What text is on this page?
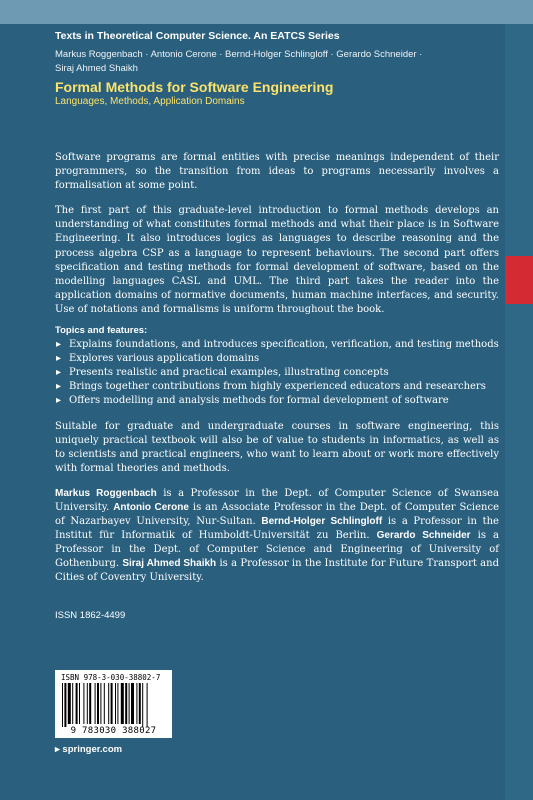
Texts in Theoretical Computer Science. An EATCS Series
Markus Roggenbach · Antonio Cerone · Bernd-Holger Schlingloff · Gerardo Schneider ·
Siraj Ahmed Shaikh
Formal Methods for Software Engineering
Languages, Methods, Application Domains

Software programs are formal entities with precise meanings independent of their programmers, so the transition from ideas to programs necessarily involves a formalisation at some point.

The first part of this graduate-level introduction to formal methods develops an understanding of what constitutes formal methods and what their place is in Software Engineering. It also introduces logics as languages to describe reasoning and the process algebra CSP as a language to represent behaviours. The second part offers specification and testing methods for formal development of software, based on the modelling languages CASL and UML. The third part takes the reader into the application domains of normative documents, human machine interfaces, and security. Use of notations and formalisms is uniform throughout the book.

Topics and features:
▸ Explains foundations, and introduces specification, verification, and testing methods
▸ Explores various application domains
▸ Presents realistic and practical examples, illustrating concepts
▸ Brings together contributions from highly experienced educators and researchers
▸ Offers modelling and analysis methods for formal development of software

Suitable for graduate and undergraduate courses in software engineering, this uniquely practical textbook will also be of value to students in informatics, as well as to scientists and practical engineers, who want to learn about or work more effectively with formal theories and methods.

Markus Roggenbach is a Professor in the Dept. of Computer Science of Swansea University. Antonio Cerone is an Associate Professor in the Dept. of Computer Science of Nazarbayev University, Nur-Sultan. Bernd-Holger Schlingloff is a Professor in the Institut für Informatik of Humboldt-Universität zu Berlin. Gerardo Schneider is a Professor in the Dept. of Computer Science and Engineering of University of Gothenburg. Siraj Ahmed Shaikh is a Professor in the Institute for Future Transport and Cities of Coventry University.

ISSN 1862-4499
ISBN 978-3-030-38802-7
9 783030 388027
▸ springer.com
